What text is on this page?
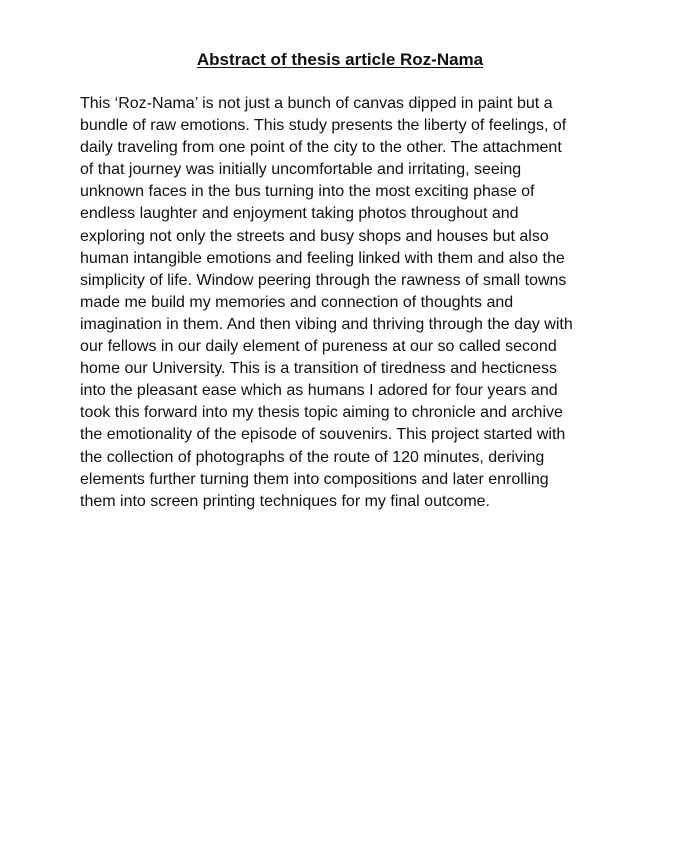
Abstract of thesis article Roz-Nama

This ‘Roz-Nama’ is not just a bunch of canvas dipped in paint but a
bundle of raw emotions. This study presents the liberty of feelings, of
daily traveling from one point of the city to the other. The attachment
of that journey was initially uncomfortable and irritating, seeing
unknown faces in the bus turning into the most exciting phase of
endless laughter and enjoyment taking photos throughout and
exploring not only the streets and busy shops and houses but also
human intangible emotions and feeling linked with them and also the
simplicity of life. Window peering through the rawness of small towns
made me build my memories and connection of thoughts and
imagination in them. And then vibing and thriving through the day with
our fellows in our daily element of pureness at our so called second
home our University. This is a transition of tiredness and hecticness
into the pleasant ease which as humans I adored for four years and
took this forward into my thesis topic aiming to chronicle and archive
the emotionality of the episode of souvenirs. This project started with
the collection of photographs of the route of 120 minutes, deriving
elements further turning them into compositions and later enrolling
them into screen printing techniques for my final outcome.
